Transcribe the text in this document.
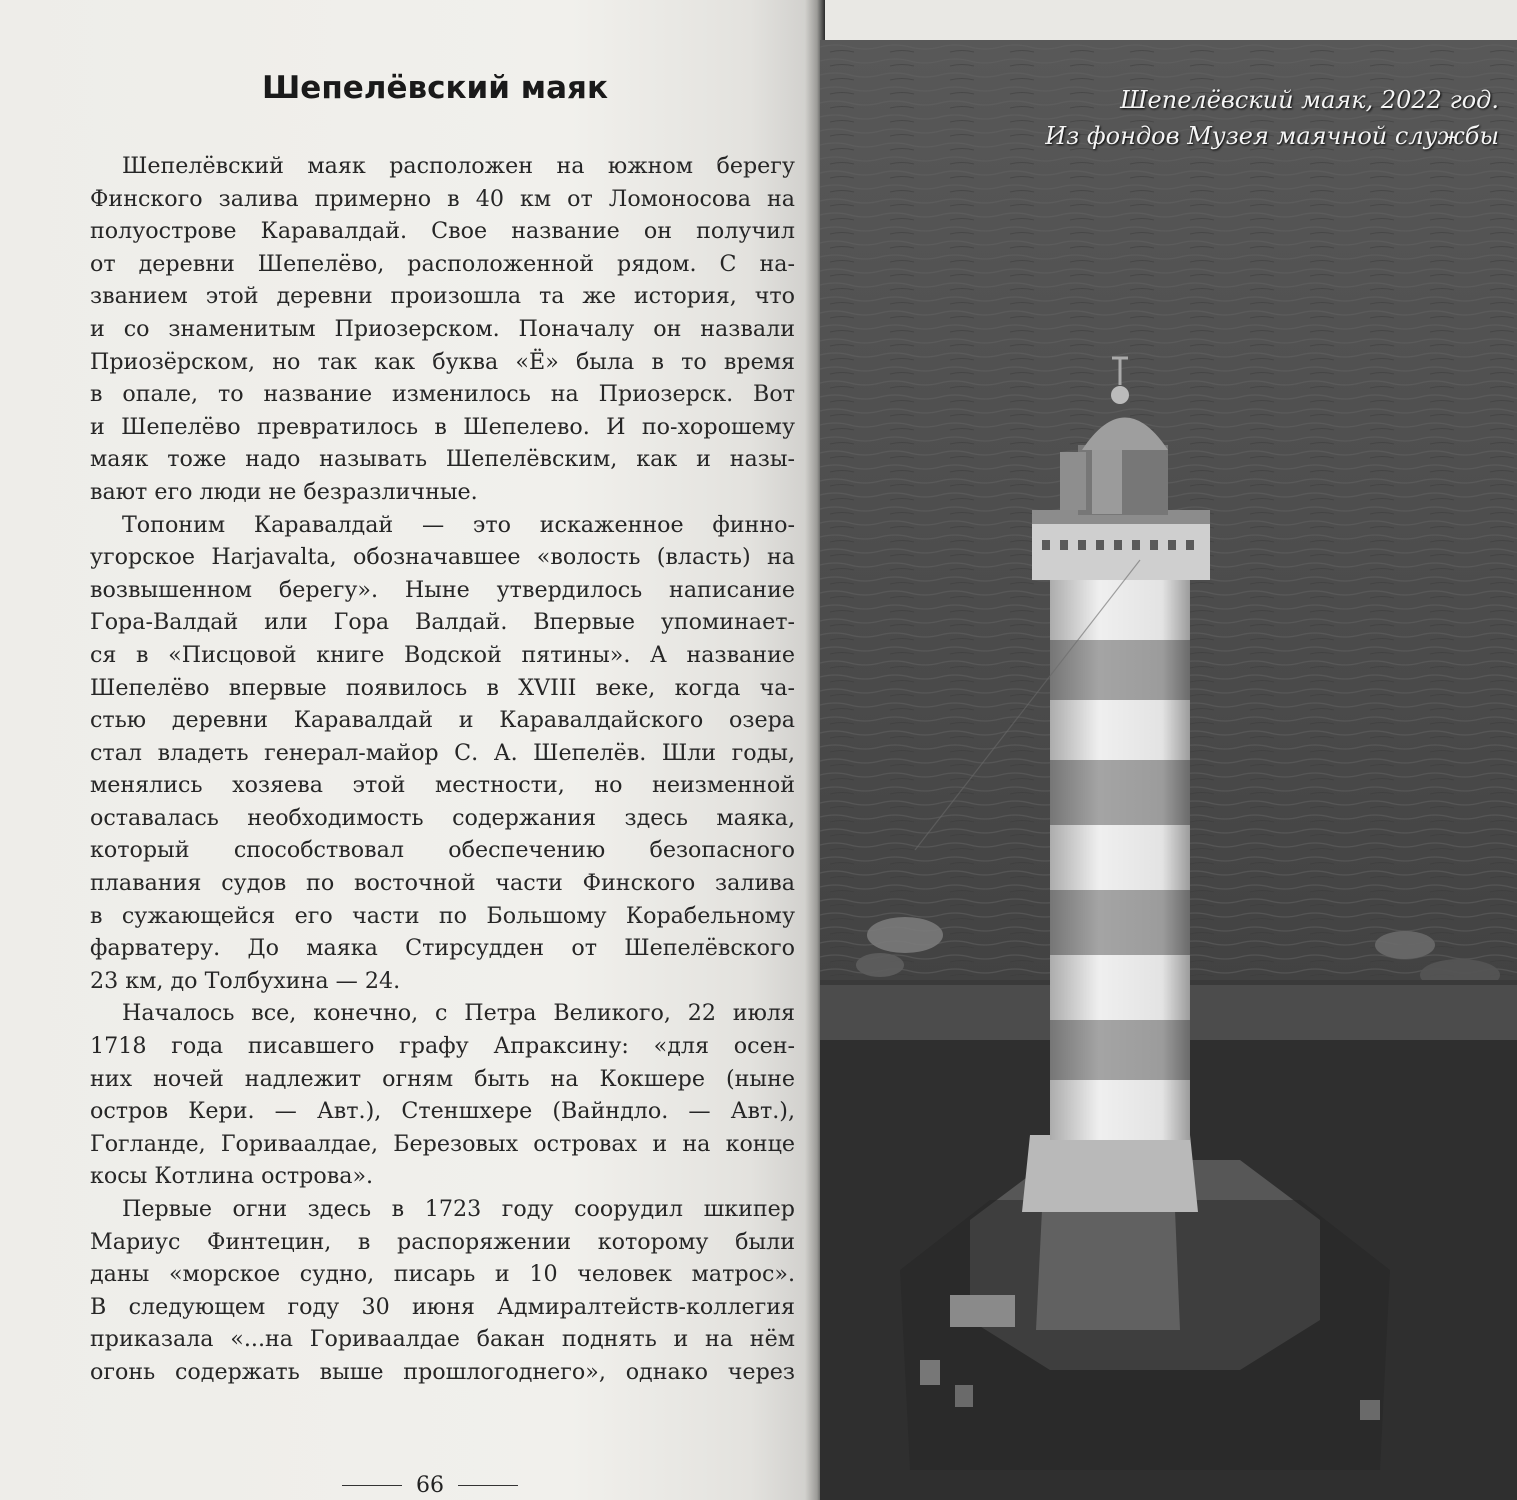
Шепелёвский маяк
Шепелёвский маяк расположен на южном берегу
Финского залива примерно в 40 км от Ломоносова на
полуострове Каравалдай. Свое название он получил
от деревни Шепелёво, расположенной рядом. С на-
званием этой деревни произошла та же история, что
и со знаменитым Приозерском. Поначалу он назвали
Приозёрском, но так как буква «Ё» была в то время
в опале, то название изменилось на Приозерск. Вот
и Шепелёво превратилось в Шепелево. И по-хорошему
маяк тоже надо называть Шепелёвским, как и назы-
вают его люди не безразличные.
Топоним Каравалдай — это искаженное финно-
угорское Harjavalta, обозначавшее «волость (власть) на
возвышенном берегу». Ныне утвердилось написание
Гора-Валдай или Гора Валдай. Впервые упоминает-
ся в «Писцовой книге Водской пятины». А название
Шепелёво впервые появилось в XVIII веке, когда ча-
стью деревни Каравалдай и Каравалдайского озера
стал владеть генерал-майор С. А. Шепелёв. Шли годы,
менялись хозяева этой местности, но неизменной
оставалась необходимость содержания здесь маяка,
который способствовал обеспечению безопасного
плавания судов по восточной части Финского залива
в сужающейся его части по Большому Корабельному
фарватеру. До маяка Стирсудден от Шепелёвского
23 км, до Толбухина — 24.
Началось все, конечно, с Петра Великого, 22 июля
1718 года писавшего графу Апраксину: «для осен-
них ночей надлежит огням быть на Кокшере (ныне
остров Кери. — Авт.), Стеншхере (Вайндло. — Авт.),
Гогланде, Гориваалдае, Березовых островах и на конце
косы Котлина острова».
Первые огни здесь в 1723 году соорудил шкипер
Мариус Финтецин, в распоряжении которому были
даны «морское судно, писарь и 10 человек матрос».
В следующем году 30 июня Адмиралтейств-коллегия
приказала «...на Гориваалдае бакан поднять и на нём
огонь содержать выше прошлогоднего», однако через
66
Шепелёвский маяк, 2022 год.
Из фондов Музея маячной службы
